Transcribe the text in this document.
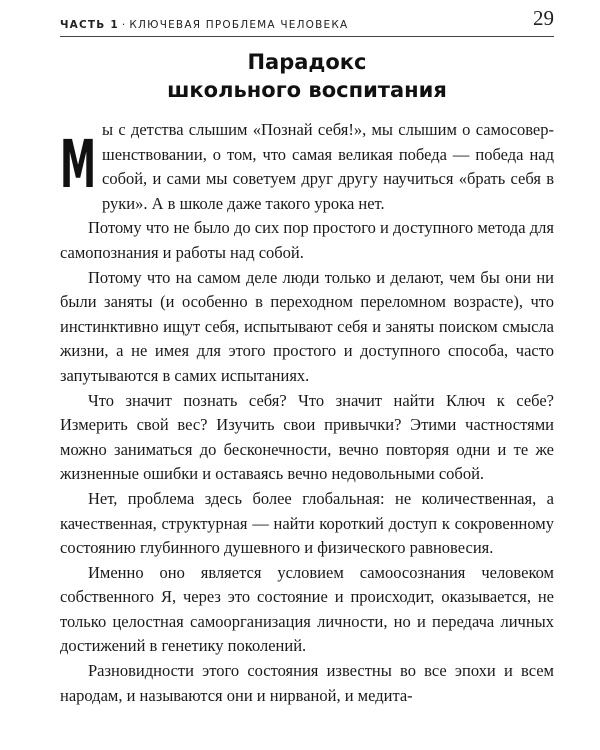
ЧАСТЬ 1 · КЛЮЧЕВАЯ ПРОБЛЕМА ЧЕЛОВЕКА	29
Парадокс
школьного воспитания

Мы с детства слышим «Познай себя!», мы слышим о самосовершенствовании, о том, что самая великая победа — победа над собой, и сами мы советуем друг другу научиться «брать себя в руки». А в школе даже такого урока нет.

Потому что не было до сих пор простого и доступного метода для самопознания и работы над собой.

Потому что на самом деле люди только и делают, чем бы они ни были заняты (и особенно в переходном переломном возрасте), что инстинктивно ищут себя, испытывают себя и заняты поиском смысла жизни, а не имея для этого простого и доступного способа, часто запутываются в самих испытаниях.

Что значит познать себя? Что значит найти Ключ к себе? Измерить свой вес? Изучить свои привычки? Этими частностями можно заниматься до бесконечности, вечно повторяя одни и те же жизненные ошибки и оставаясь вечно недовольными собой.

Нет, проблема здесь более глобальная: не количественная, а качественная, структурная — найти короткий доступ к сокровенному состоянию глубинного душевного и физического равновесия.

Именно оно является условием самоосознания человеком собственного Я, через это состояние и происходит, оказывается, не только целостная самоорганизация личности, но и передача личных достижений в генетику поколений.

Разновидности этого состояния известны во все эпохи и всем народам, и называются они и нирваной, и медита-
